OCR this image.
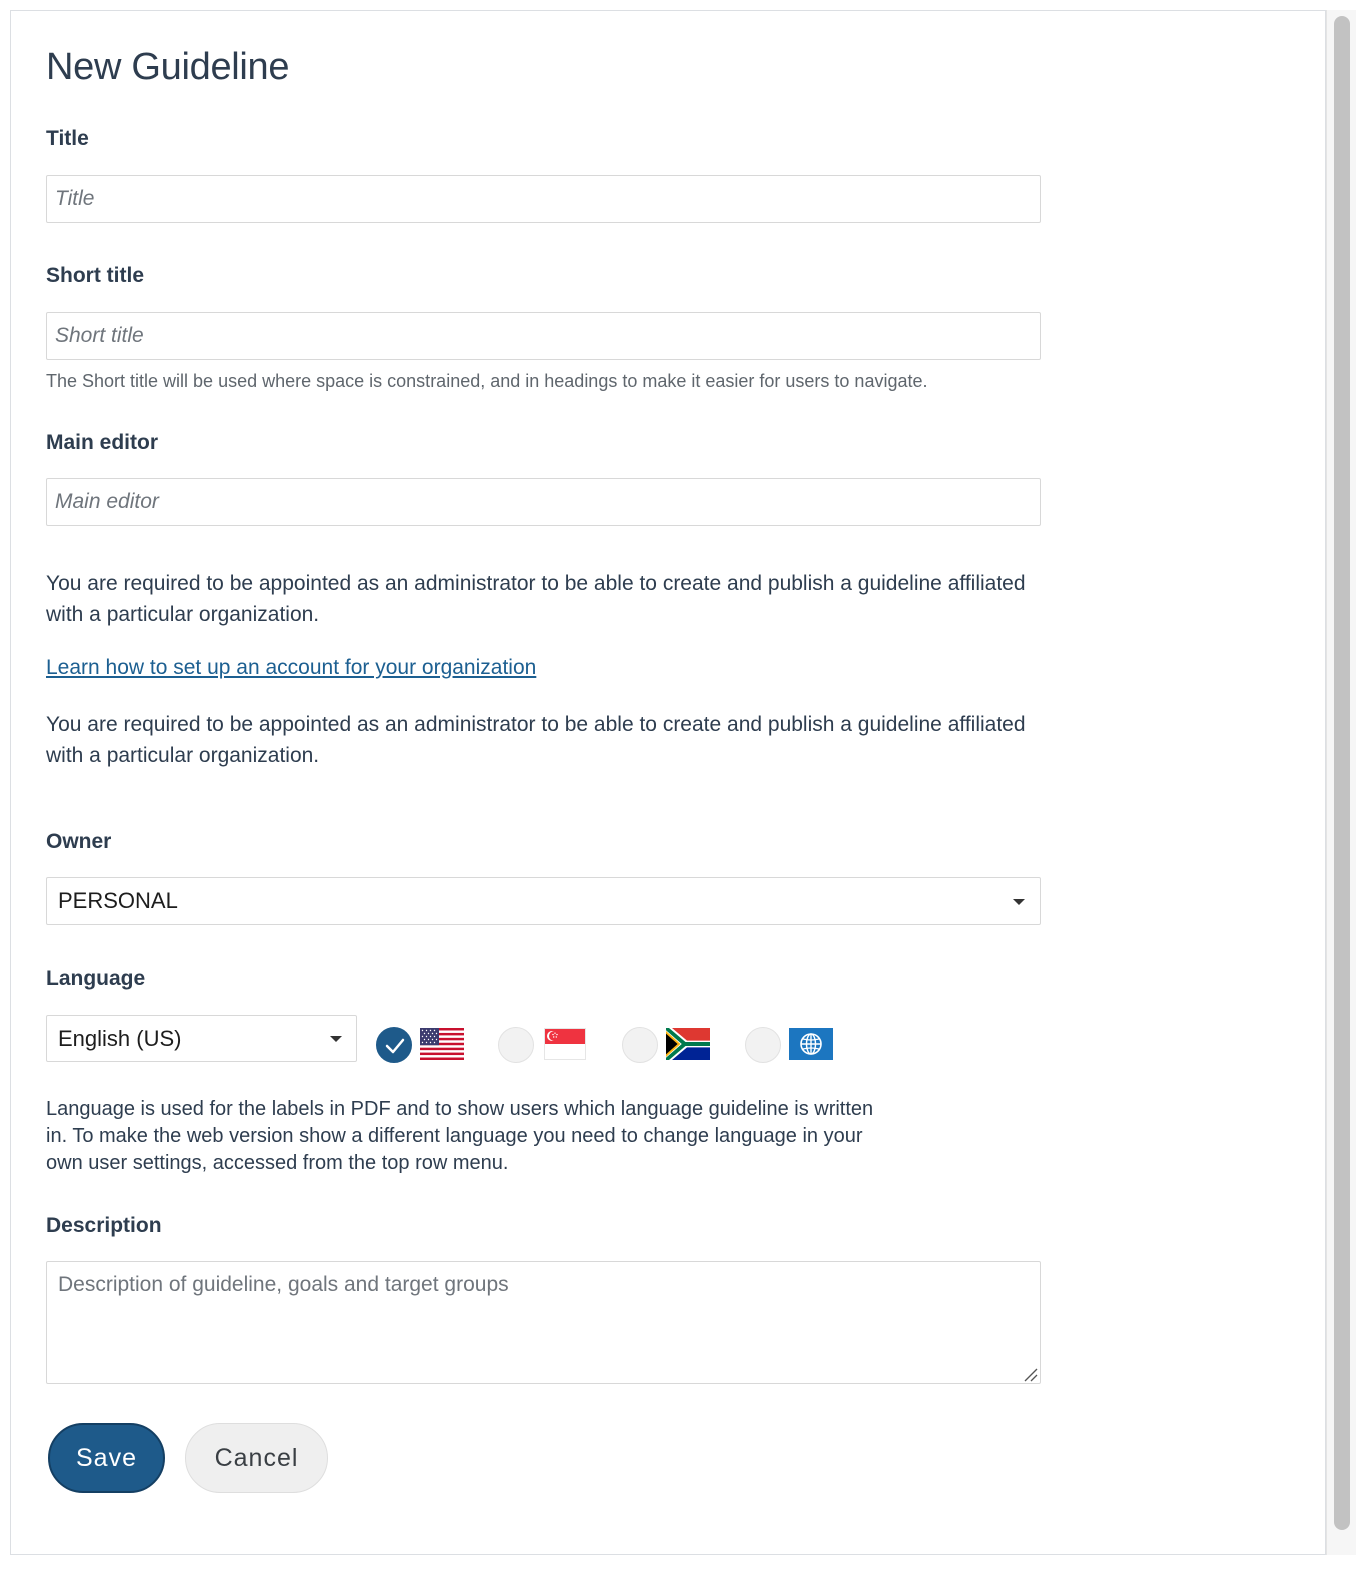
New Guideline
Title
Title
Short title
Short title
The Short title will be used where space is constrained, and in headings to make it easier for users to navigate.
Main editor
Main editor

You are required to be appointed as an administrator to be able to create and publish a guideline affiliated with a particular organization.

Learn how to set up an account for your organization

You are required to be appointed as an administrator to be able to create and publish a guideline affiliated with a particular organization.

Owner
PERSONAL
Language
English (US)

Language is used for the labels in PDF and to show users which language guideline is written in. To make the web version show a different language you need to change language in your own user settings, accessed from the top row menu.

Description
Description of guideline, goals and target groups
Save	Cancel
